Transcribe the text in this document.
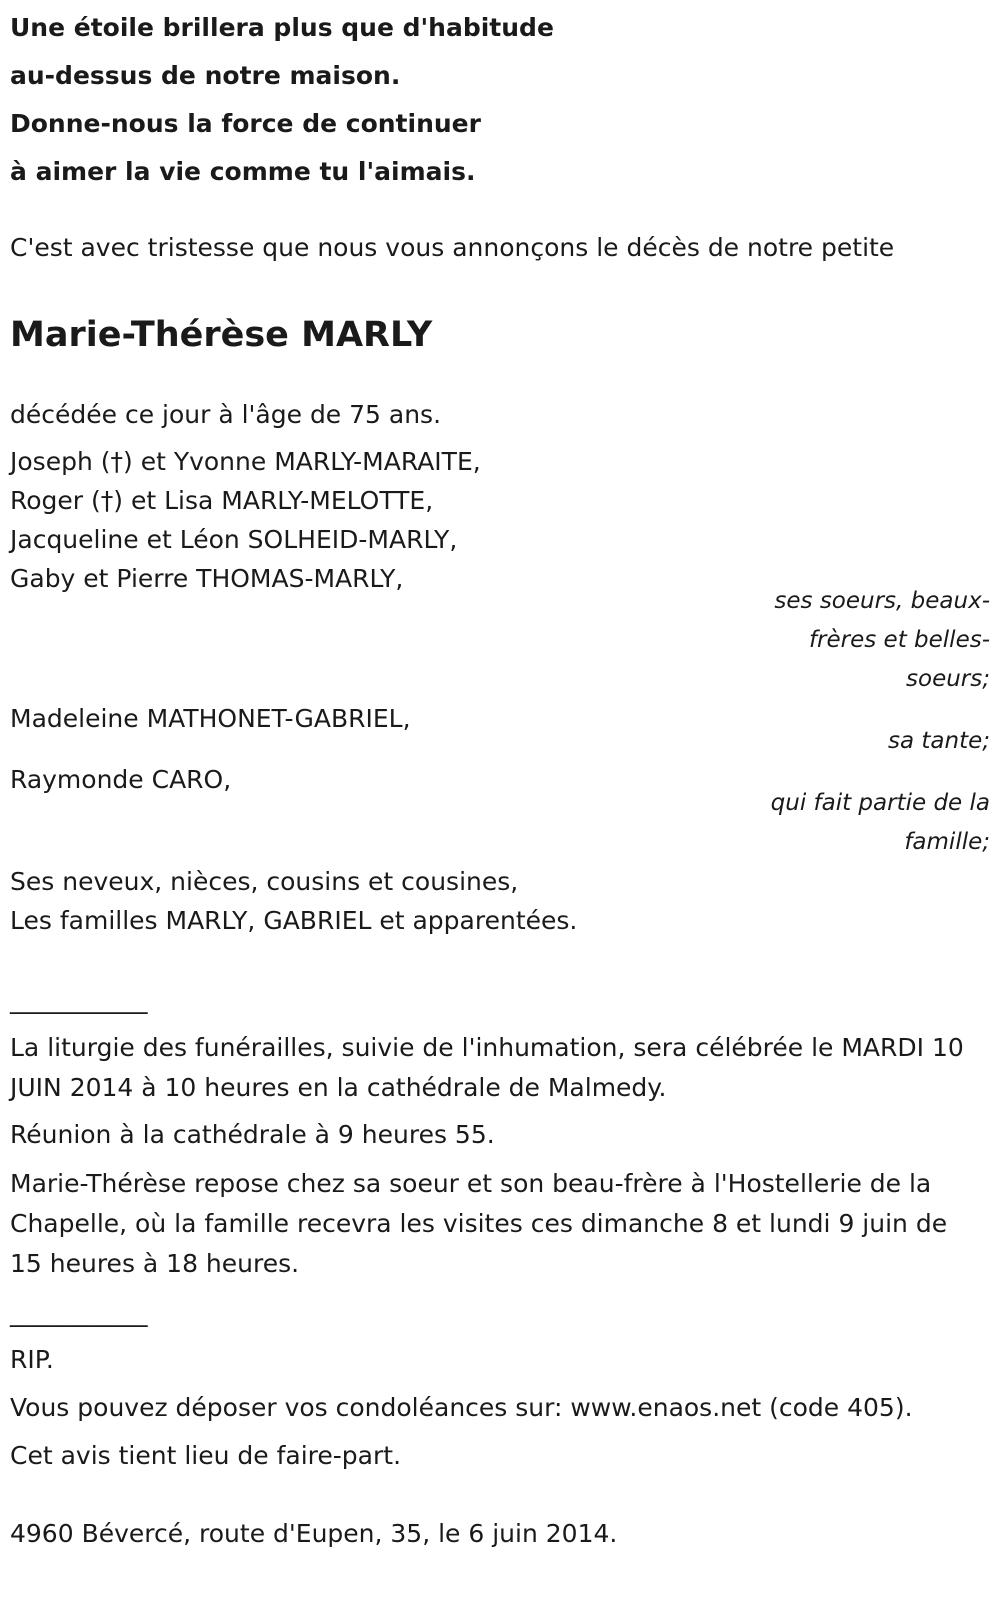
Une étoile brillera plus que d'habitude

au-dessus de notre maison.

Donne-nous la force de continuer

à aimer la vie comme tu l'aimais.

C'est avec tristesse que nous vous annonçons le décès de notre petite
Marie-Thérèse MARLY
décédée ce jour à l'âge de 75 ans.
Joseph (†) et Yvonne MARLY-MARAITE,
Roger (†) et Lisa MARLY-MELOTTE,
Jacqueline et Léon SOLHEID-MARLY,
Gaby et Pierre THOMAS-MARLY,
ses soeurs, beaux-frères et belles-soeurs;
Madeleine MATHONET-GABRIEL,
sa tante;
Raymonde CARO,
qui fait partie de la famille;
Ses neveux, nièces, cousins et cousines,
Les familles MARLY, GABRIEL et apparentées.
___________
La liturgie des funérailles, suivie de l'inhumation, sera célébrée le MARDI 10 JUIN 2014 à 10 heures en la cathédrale de Malmedy.
Réunion à la cathédrale à 9 heures 55.
Marie-Thérèse repose chez sa soeur et son beau-frère à l'Hostellerie de la Chapelle, où la famille recevra les visites ces dimanche 8 et lundi 9 juin de 15 heures à 18 heures.
___________
RIP.
Vous pouvez déposer vos condoléances sur: www.enaos.net (code 405).
Cet avis tient lieu de faire-part.
4960 Bévercé, route d'Eupen, 35, le 6 juin 2014.
